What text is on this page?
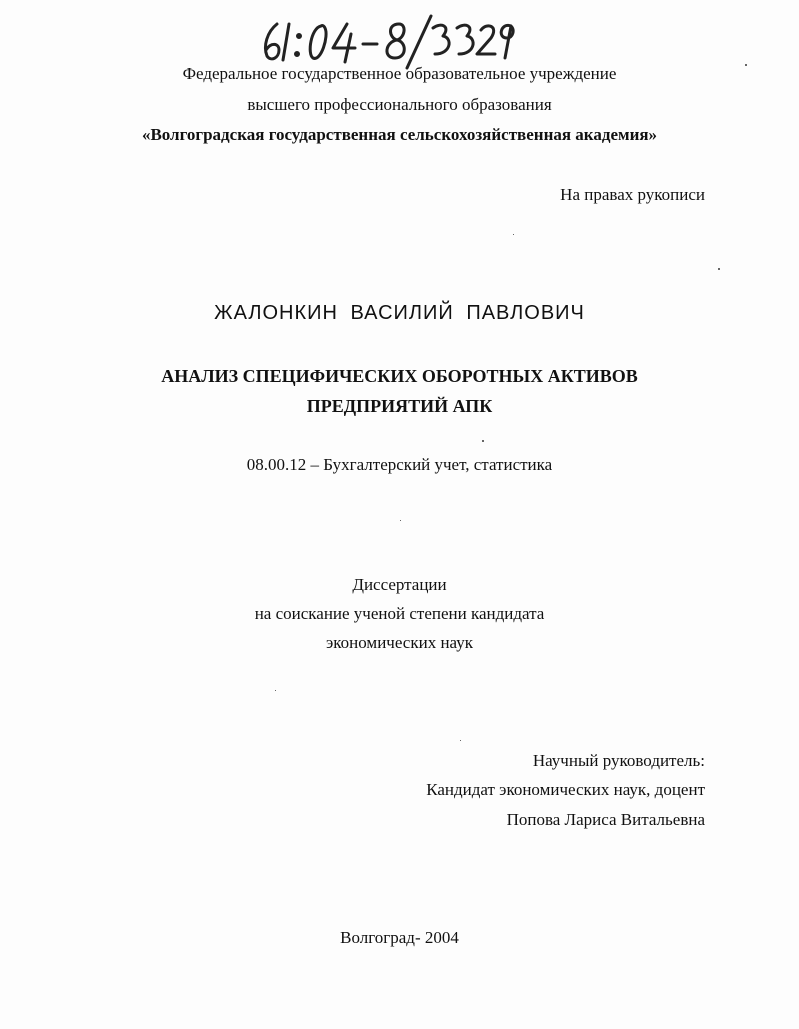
Федеральное государственное образовательное учреждение
высшего профессионального образования
«Волгоградская государственная сельскохозяйственная академия»
На правах рукописи
ЖАЛОНКИН ВАСИЛИЙ ПАВЛОВИЧ
АНАЛИЗ СПЕЦИФИЧЕСКИХ ОБОРОТНЫХ АКТИВОВ
ПРЕДПРИЯТИЙ АПК
08.00.12 – Бухгалтерский учет, статистика
Диссертации
на соискание ученой степени кандидата
экономических наук
Научный руководитель:
Кандидат экономических наук, доцент
Попова Лариса Витальевна
Волгоград- 2004
